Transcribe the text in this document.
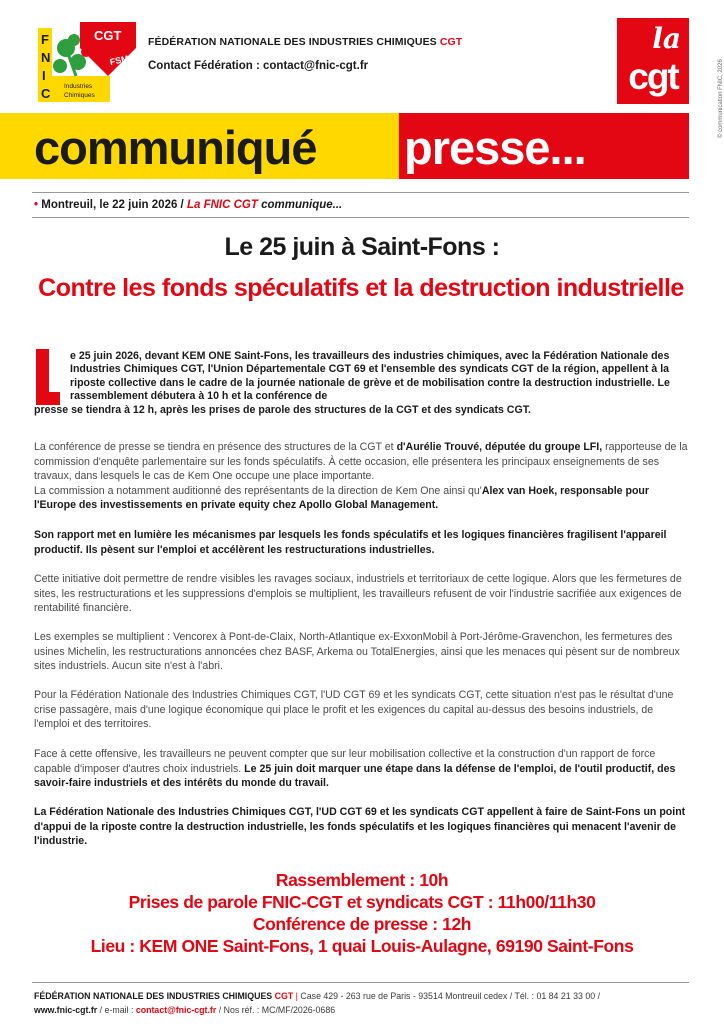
F
N
I
C
CGT
FSM
Industries
Chimiques
FÉDÉRATION NATIONALE DES INDUSTRIES CHIMIQUES CGT
Contact Fédération : contact@fnic-cgt.fr
la
cgt	© communication FNIC. 2026
communiqué presse...
• Montreuil, le 22 juin 2026 / La FNIC CGT communique...
Le 25 juin à Saint-Fons :
Contre les fonds spéculatifs et la destruction industrielle
e 25 juin 2026, devant KEM ONE Saint-Fons, les travailleurs des industries chimiques, avec la Fédération Nationale des Industries Chimiques CGT, l'Union Départementale CGT 69 et l'ensemble des syndicats CGT de la région, appellent à la riposte collective dans le cadre de la journée nationale de grève et de mobilisation contre la destruction industrielle. Le rassemblement débutera à 10 h et la conférence de
presse se tiendra à 12 h, après les prises de parole des structures de la CGT et des syndicats CGT.
La conférence de presse se tiendra en présence des structures de la CGT et d'Aurélie Trouvé, députée du groupe LFI, rapporteuse de la commission d'enquête parlementaire sur les fonds spéculatifs. À cette occasion, elle présentera les principaux enseignements de ses travaux, dans lesquels le cas de Kem One occupe une place importante.
La commission a notamment auditionné des représentants de la direction de Kem One ainsi qu'Alex van Hoek, responsable pour l'Europe des investissements en private equity chez Apollo Global Management.
Son rapport met en lumière les mécanismes par lesquels les fonds spéculatifs et les logiques financières fragilisent l'appareil productif. Ils pèsent sur l'emploi et accélèrent les restructurations industrielles.
Cette initiative doit permettre de rendre visibles les ravages sociaux, industriels et territoriaux de cette logique. Alors que les fermetures de sites, les restructurations et les suppressions d'emplois se multiplient, les travailleurs refusent de voir l'industrie sacrifiée aux exigences de rentabilité financière.
Les exemples se multiplient : Vencorex à Pont-de-Claix, North-Atlantique ex-ExxonMobil à Port-Jérôme-Gravenchon, les fermetures des usines Michelin, les restructurations annoncées chez BASF, Arkema ou TotalEnergies, ainsi que les menaces qui pèsent sur de nombreux sites industriels. Aucun site n'est à l'abri.
Pour la Fédération Nationale des Industries Chimiques CGT, l'UD CGT 69 et les syndicats CGT, cette situation n'est pas le résultat d'une crise passagère, mais d'une logique économique qui place le profit et les exigences du capital au-dessus des besoins industriels, de l'emploi et des territoires.
Face à cette offensive, les travailleurs ne peuvent compter que sur leur mobilisation collective et la construction d'un rapport de force capable d'imposer d'autres choix industriels. Le 25 juin doit marquer une étape dans la défense de l'emploi, de l'outil productif, des savoir-faire industriels et des intérêts du monde du travail.
La Fédération Nationale des Industries Chimiques CGT, l'UD CGT 69 et les syndicats CGT appellent à faire de Saint-Fons un point d'appui de la riposte contre la destruction industrielle, les fonds spéculatifs et les logiques financières qui menacent l'avenir de l'industrie.
Rassemblement : 10h
Prises de parole FNIC-CGT et syndicats CGT : 11h00/11h30
Conférence de presse : 12h
Lieu : KEM ONE Saint-Fons, 1 quai Louis-Aulagne, 69190 Saint-Fons
FÉDÉRATION NATIONALE DES INDUSTRIES CHIMIQUES CGT | Case 429 - 263 rue de Paris - 93514 Montreuil cedex / Tél. : 01 84 21 33 00 /
www.fnic-cgt.fr / e-mail : contact@fnic-cgt.fr / Nos réf. : MC/MF/2026-0686
